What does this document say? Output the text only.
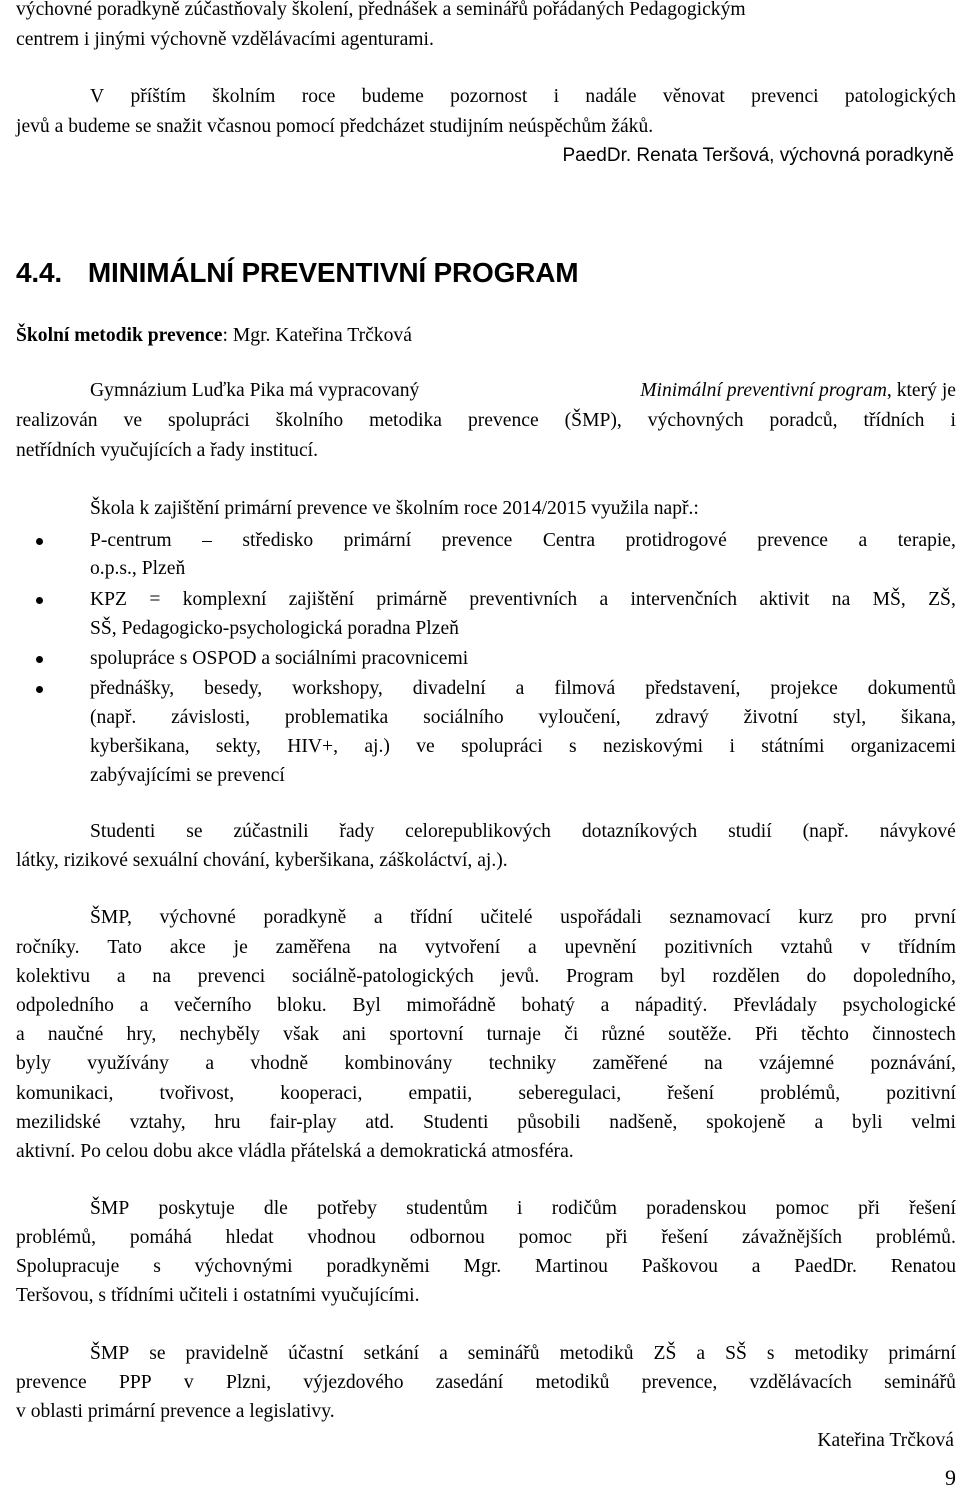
výchovné poradkyně zúčastňovaly školení, přednášek a seminářů pořádaných Pedagogickým
centrem i jinými výchovně vzdělávacími agenturami.
V příštím školním roce budeme pozornost i nadále věnovat prevenci patologických
jevů a budeme se snažit včasnou pomocí předcházet studijním neúspěchům žáků.
PaedDr. Renata Teršová, výchovná poradkyně
4.4. MINIMÁLNÍ PREVENTIVNÍ PROGRAM
Školní metodik prevence: Mgr. Kateřina Trčková
Gymnázium Luďka Pika má vypracovaný	Minimální preventivní program, který je
realizován ve spolupráci školního metodika prevence (ŠMP), výchovných poradců, třídních i
netřídních vyučujících a řady institucí.
Škola k zajištění primární prevence ve školním roce 2014/2015 využila např.:
P-centrum – středisko primární prevence Centra protidrogové prevence a terapie,
o.p.s., Plzeň
KPZ = komplexní zajištění primárně preventivních a intervenčních aktivit na MŠ, ZŠ,
SŠ, Pedagogicko-psychologická poradna Plzeň
spolupráce s OSPOD a sociálními pracovnicemi
přednášky, besedy, workshopy, divadelní a filmová představení, projekce dokumentů
(např. závislosti, problematika sociálního vyloučení, zdravý životní styl, šikana,
kyberšikana, sekty, HIV+, aj.) ve spolupráci s neziskovými i státními organizacemi
zabývajícími se prevencí
Studenti se zúčastnili řady celorepublikových dotazníkových studií (např. návykové
látky, rizikové sexuální chování, kyberšikana, záškoláctví, aj.).
ŠMP, výchovné poradkyně a třídní učitelé uspořádali seznamovací kurz pro první
ročníky. Tato akce je zaměřena na vytvoření a upevnění pozitivních vztahů v třídním
kolektivu a na prevenci sociálně-patologických jevů. Program byl rozdělen do dopoledního,
odpoledního a večerního bloku. Byl mimořádně bohatý a nápaditý. Převládaly psychologické
a naučné hry, nechyběly však ani sportovní turnaje či různé soutěže. Při těchto činnostech
byly využívány a vhodně kombinovány techniky zaměřené na vzájemné poznávání,
komunikaci, tvořivost, kooperaci, empatii, seberegulaci, řešení problémů, pozitivní
mezilidské vztahy, hru fair-play atd. Studenti působili nadšeně, spokojeně a byli velmi
aktivní. Po celou dobu akce vládla přátelská a demokratická atmosféra.
ŠMP poskytuje dle potřeby studentům i rodičům poradenskou pomoc při řešení
problémů, pomáhá hledat vhodnou odbornou pomoc při řešení závažnějších problémů.
Spolupracuje s výchovnými poradkyněmi Mgr. Martinou Paškovou a PaedDr. Renatou
Teršovou, s třídními učiteli i ostatními vyučujícími.
ŠMP se pravidelně účastní setkání a seminářů metodiků ZŠ a SŠ s metodiky primární
prevence PPP v Plzni, výjezdového zasedání metodiků prevence, vzdělávacích seminářů
v oblasti primární prevence a legislativy.
Kateřina Trčková
9
